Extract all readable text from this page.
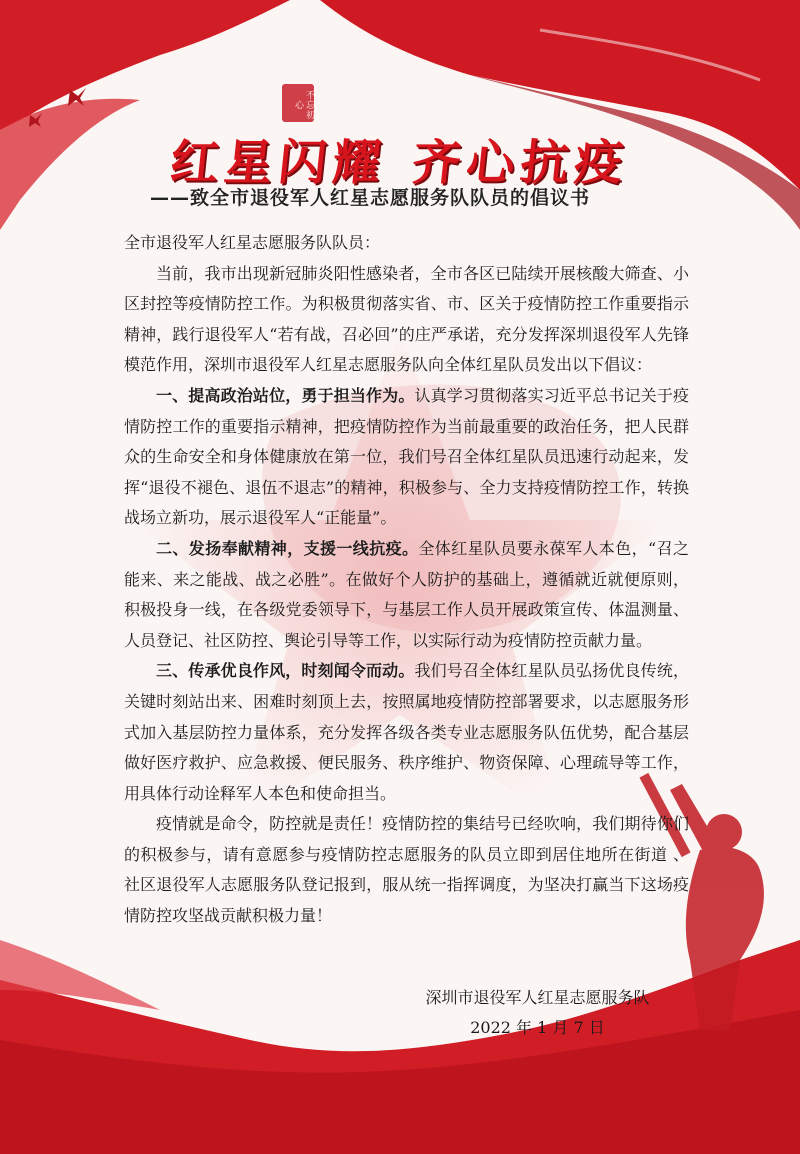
不忘初心
红星闪耀 齐心抗疫
——致全市退役军人红星志愿服务队队员的倡议书

全市退役军人红星志愿服务队队员：

当前，我市出现新冠肺炎阳性感染者，全市各区已陆续开展核酸大筛查、小区封控等疫情防控工作。为积极贯彻落实省、市、区关于疫情防控工作重要指示精神，践行退役军人“若有战，召必回”的庄严承诺，充分发挥深圳退役军人先锋模范作用，深圳市退役军人红星志愿服务队向全体红星队员发出以下倡议：

一、提高政治站位，勇于担当作为。认真学习贯彻落实习近平总书记关于疫情防控工作的重要指示精神，把疫情防控作为当前最重要的政治任务，把人民群众的生命安全和身体健康放在第一位，我们号召全体红星队员迅速行动起来，发挥“退役不褪色、退伍不退志”的精神，积极参与、全力支持疫情防控工作，转换战场立新功，展示退役军人“正能量”。

二、发扬奉献精神，支援一线抗疫。全体红星队员要永葆军人本色，“召之能来、来之能战、战之必胜”。在做好个人防护的基础上，遵循就近就便原则，积极投身一线，在各级党委领导下，与基层工作人员开展政策宣传、体温测量、人员登记、社区防控、舆论引导等工作，以实际行动为疫情防控贡献力量。

三、传承优良作风，时刻闻令而动。我们号召全体红星队员弘扬优良传统，关键时刻站出来、困难时刻顶上去，按照属地疫情防控部署要求，以志愿服务形式加入基层防控力量体系，充分发挥各级各类专业志愿服务队伍优势，配合基层做好医疗救护、应急救援、便民服务、秩序维护、物资保障、心理疏导等工作，用具体行动诠释军人本色和使命担当。

疫情就是命令，防控就是责任！疫情防控的集结号已经吹响，我们期待你们的积极参与，请有意愿参与疫情防控志愿服务的队员立即到居住地所在街道 、社区退役军人志愿服务队登记报到，服从统一指挥调度，为坚决打赢当下这场疫情防控攻坚战贡献积极力量！

深圳市退役军人红星志愿服务队
2022 年 1 月 7 日
